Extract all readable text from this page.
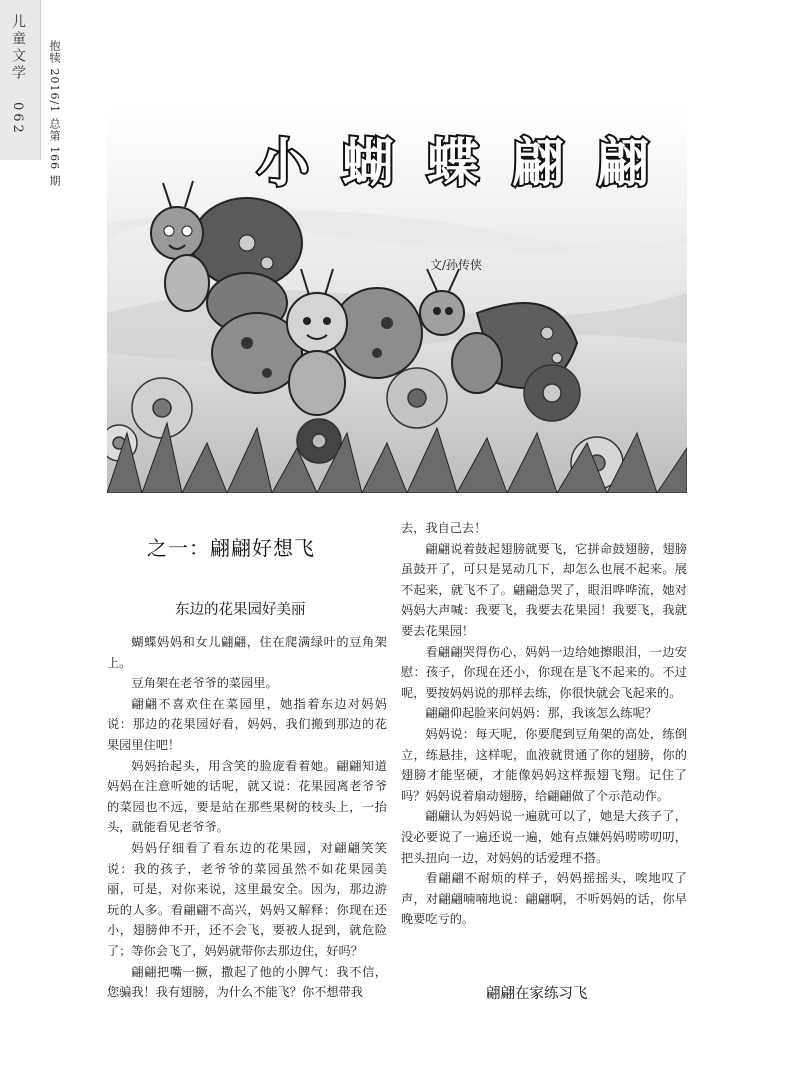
儿童文学
062 抱犊 2016/1 总第 166 期	小 蝴 蝶 翩 翩
文/孙传侠
之一：翩翩好想飞
东边的花果园好美丽

蝴蝶妈妈和女儿翩翩，住在爬满绿叶的豆角架上。

豆角架在老爷爷的菜园里。

翩翩不喜欢住在菜园里，她指着东边对妈妈说：那边的花果园好看，妈妈，我们搬到那边的花果园里住吧！

妈妈抬起头，用含笑的脸庞看着她。翩翩知道妈妈在注意听她的话呢，就又说：花果园离老爷爷的菜园也不远，要是站在那些果树的枝头上，一抬头，就能看见老爷爷。

妈妈仔细看了看东边的花果园，对翩翩笑笑说：我的孩子，老爷爷的菜园虽然不如花果园美丽，可是，对你来说，这里最安全。因为，那边游玩的人多。看翩翩不高兴，妈妈又解释：你现在还小，翅膀伸不开，还不会飞，要被人捉到，就危险了；等你会飞了，妈妈就带你去那边住，好吗？

翩翩把嘴一撅，撒起了他的小脾气：我不信，您骗我！我有翅膀，为什么不能飞？你不想带我

去，我自己去！

翩翩说着鼓起翅膀就要飞，它拼命鼓翅膀，翅膀虽鼓开了，可只是晃动几下，却怎么也展不起来。展不起来，就飞不了。翩翩急哭了，眼泪哗哗流，她对妈妈大声喊：我要飞，我要去花果园！我要飞，我就要去花果园！

看翩翩哭得伤心，妈妈一边给她擦眼泪，一边安慰：孩子，你现在还小，你现在是飞不起来的。不过呢，要按妈妈说的那样去练，你很快就会飞起来的。

翩翩仰起脸来问妈妈：那，我该怎么练呢？

妈妈说：每天呢，你要爬到豆角架的高处，练倒立，练悬挂，这样呢，血液就贯通了你的翅膀，你的翅膀才能坚硬，才能像妈妈这样振翅飞翔。记住了吗？妈妈说着扇动翅膀，给翩翩做了个示范动作。

翩翩认为妈妈说一遍就可以了，她是大孩子了，没必要说了一遍还说一遍，她有点嫌妈妈唠唠叨叨，把头扭向一边，对妈妈的话爱理不搭。

看翩翩不耐烦的样子，妈妈摇摇头，唉地叹了声，对翩翩喃喃地说：翩翩啊，不听妈妈的话，你早晚要吃亏的。

翩翩在家练习飞
